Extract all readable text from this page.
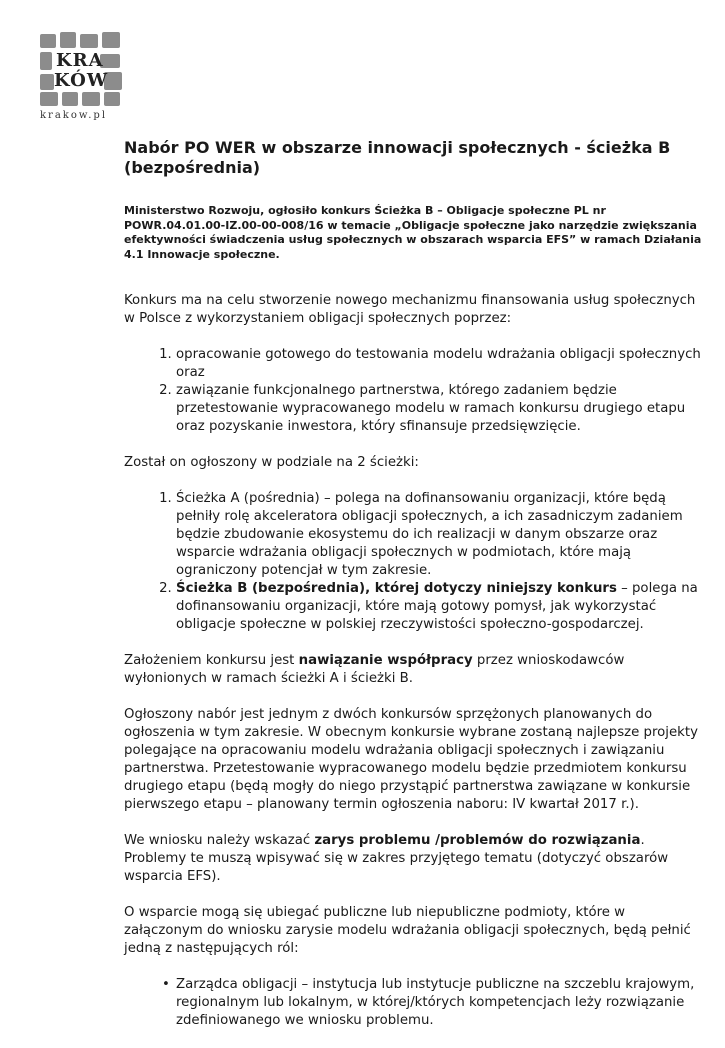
KRA
KÓW
krakow.pl
Nabór PO WER w obszarze innowacji społecznych - ścieżka B (bezpośrednia)
Ministerstwo Rozwoju, ogłosiło konkurs Ścieżka B – Obligacje społeczne PL nr POWR.04.01.00-IZ.00-00-008/16 w temacie „Obligacje społeczne jako narzędzie zwiększania efektywności świadczenia usług społecznych w obszarach wsparcia EFS” w ramach Działania 4.1 Innowacje społeczne.

Konkurs ma na celu stworzenie nowego mechanizmu finansowania usług społecznych w Polsce z wykorzystaniem obligacji społecznych poprzez:

1. opracowanie gotowego do testowania modelu wdrażania obligacji społecznych oraz
2. zawiązanie funkcjonalnego partnerstwa, którego zadaniem będzie przetestowanie wypracowanego modelu w ramach konkursu drugiego etapu oraz pozyskanie inwestora, który sfinansuje przedsięwzięcie.

Został on ogłoszony w podziale na 2 ścieżki:

1. Ścieżka A (pośrednia) – polega na dofinansowaniu organizacji, które będą pełniły rolę akceleratora obligacji społecznych, a ich zasadniczym zadaniem będzie zbudowanie ekosystemu do ich realizacji w danym obszarze oraz wsparcie wdrażania obligacji społecznych w podmiotach, które mają ograniczony potencjał w tym zakresie.
2. Ścieżka B (bezpośrednia), której dotyczy niniejszy konkurs – polega na dofinansowaniu organizacji, które mają gotowy pomysł, jak wykorzystać obligacje społeczne w polskiej rzeczywistości społeczno-gospodarczej.

Założeniem konkursu jest nawiązanie współpracy przez wnioskodawców wyłonionych w ramach ścieżki A i ścieżki B.

Ogłoszony nabór jest jednym z dwóch konkursów sprzężonych planowanych do ogłoszenia w tym zakresie. W obecnym konkursie wybrane zostaną najlepsze projekty polegające na opracowaniu modelu wdrażania obligacji społecznych i zawiązaniu partnerstwa. Przetestowanie wypracowanego modelu będzie przedmiotem konkursu drugiego etapu (będą mogły do niego przystąpić partnerstwa zawiązane w konkursie pierwszego etapu – planowany termin ogłoszenia naboru: IV kwartał 2017 r.).

We wniosku należy wskazać zarys problemu /problemów do rozwiązania. Problemy te muszą wpisywać się w zakres przyjętego tematu (dotyczyć obszarów wsparcia EFS).

O wsparcie mogą się ubiegać publiczne lub niepubliczne podmioty, które w załączonym do wniosku zarysie modelu wdrażania obligacji społecznych, będą pełnić jedną z następujących ról:

• Zarządca obligacji – instytucja lub instytucje publiczne na szczeblu krajowym, regionalnym lub lokalnym, w której/których kompetencjach leży rozwiązanie zdefiniowanego we wniosku problemu.
